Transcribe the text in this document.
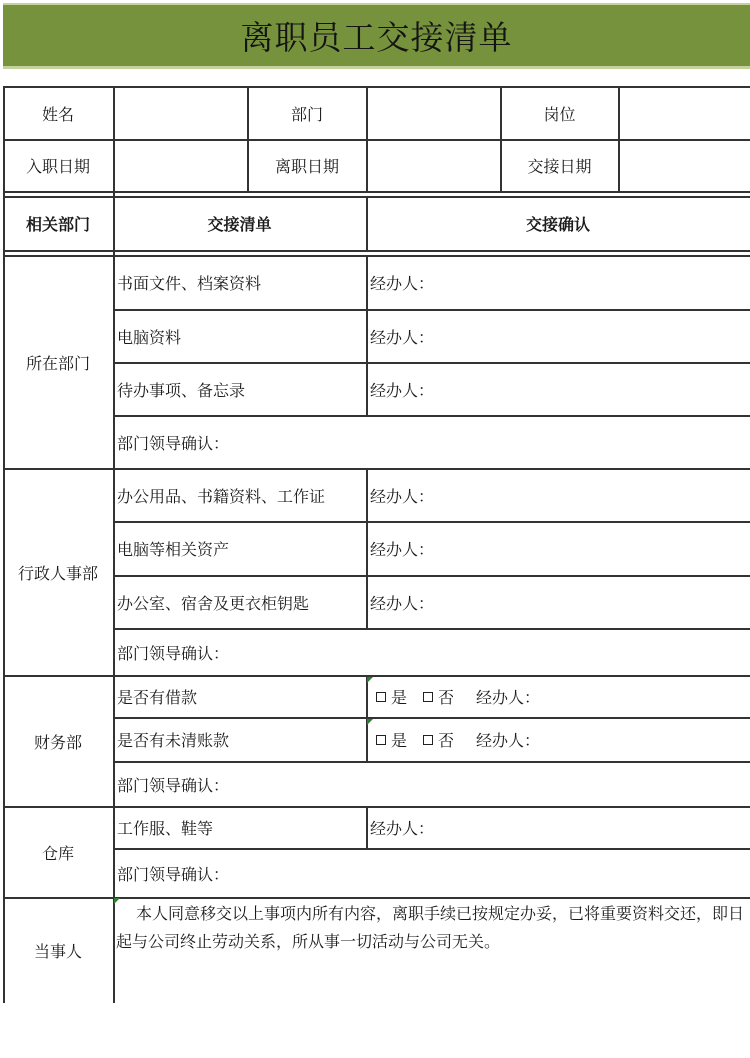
离职员工交接清单
姓名	部门	岗位
入职日期	离职日期	交接日期
相关部门	交接清单	交接确认
所在部门
书面文件、档案资料	经办人：
电脑资料	经办人：
待办事项、备忘录	经办人：
部门领导确认：
行政人事部
办公用品、书籍资料、工作证	经办人：
电脑等相关资产	经办人：
办公室、宿舍及更衣柜钥匙	经办人：
部门领导确认：
财务部
是否有借款	是 否 经办人：
是否有未清账款	是 否 经办人：
部门领导确认：
仓库
工作服、鞋等	经办人：
部门领导确认：
当事人
本人同意移交以上事项内所有内容，离职手续已按规定办妥，已将重要资料交还，即日起与公司终止劳动关系，所从事一切活动与公司无关。
